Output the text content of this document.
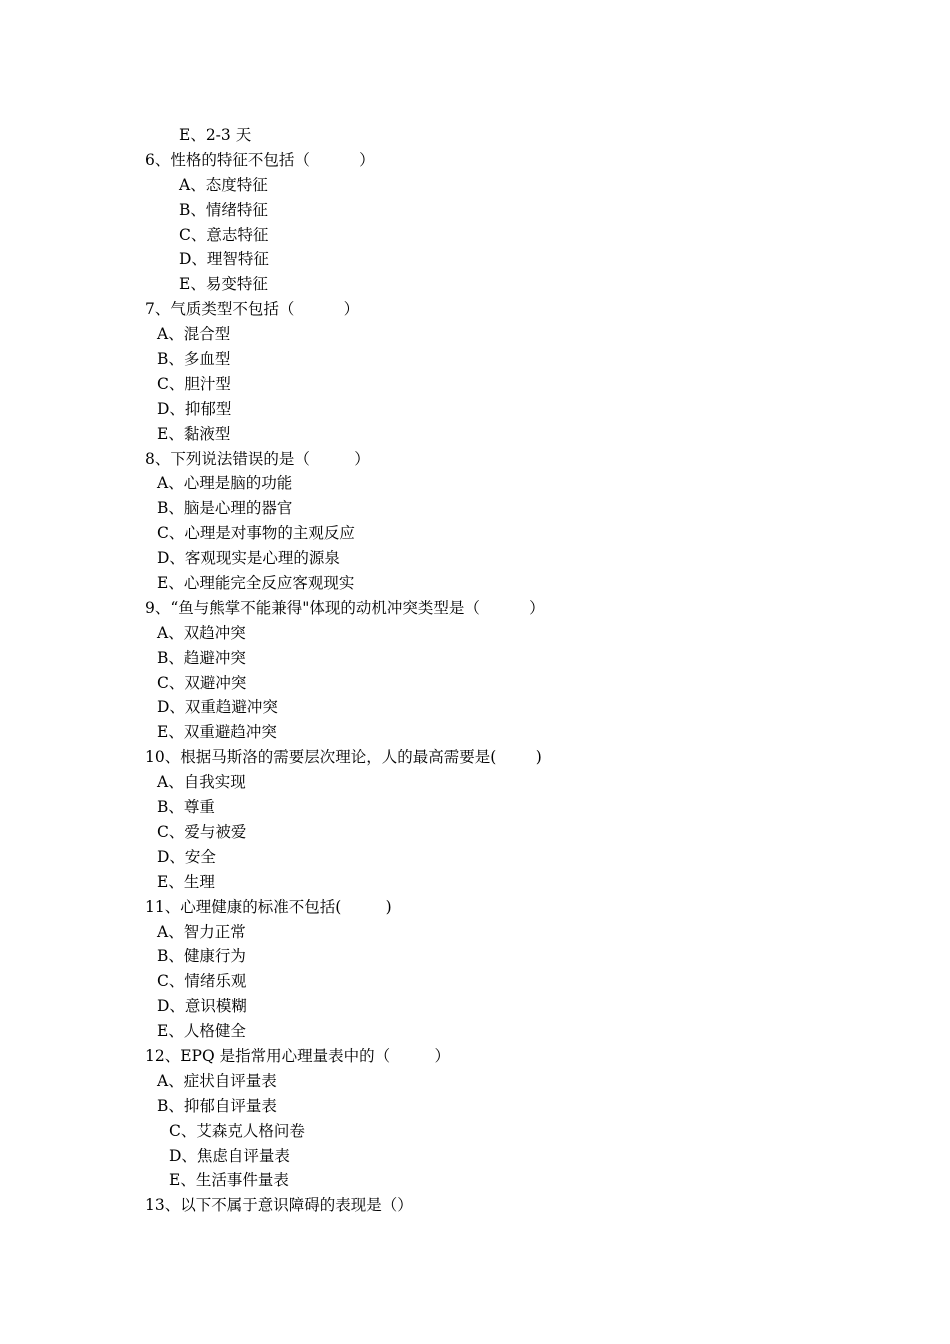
E、2-3 天
6、性格的特征不包括（          ）
A、态度特征
B、情绪特征
C、意志特征
D、理智特征
E、易变特征
7、气质类型不包括（          ）
A、混合型
B、多血型
C、胆汁型
D、抑郁型
E、黏液型
8、下列说法错误的是（         ）
A、心理是脑的功能
B、脑是心理的器官
C、心理是对事物的主观反应
D、客观现实是心理的源泉
E、心理能完全反应客观现实
9、“鱼与熊掌不能兼得"体现的动机冲突类型是（          ）
A、双趋冲突
B、趋避冲突
C、双避冲突
D、双重趋避冲突
E、双重避趋冲突
10、根据马斯洛的需要层次理论，人的最高需要是(        )
A、自我实现
B、尊重
C、爱与被爱
D、安全
E、生理
11、心理健康的标准不包括(         )
A、智力正常
B、健康行为
C、情绪乐观
D、意识模糊
E、人格健全
12、EPQ 是指常用心理量表中的（         ）
A、症状自评量表
B、抑郁自评量表
C、艾森克人格问卷
D、焦虑自评量表
E、生活事件量表
13、以下不属于意识障碍的表现是（）
